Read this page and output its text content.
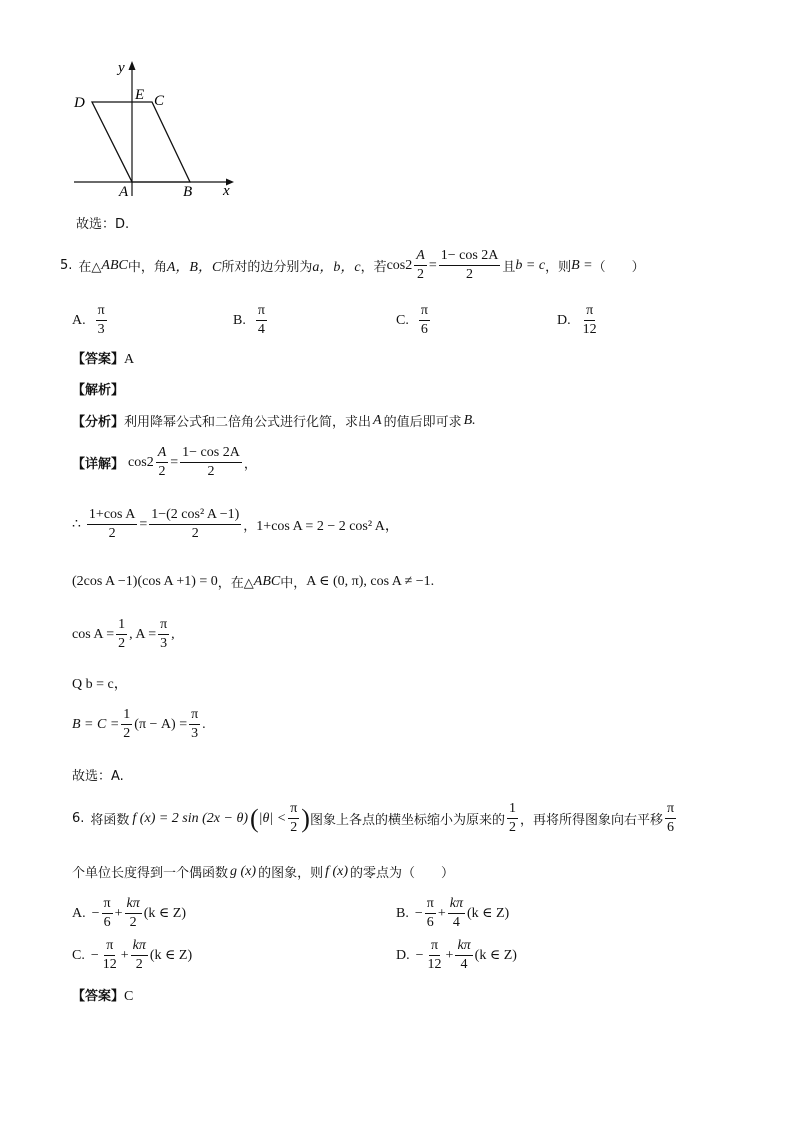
y
D	E C
A	B x
故选：D.
5. 在△ ABC 中，角 A，B，C 所对的边分别为 a，b，c ，若 $\cos 2 \frac{A}{2} = \frac{1- \cos 2A}{2}$ 且 b = c ，则 B = （　　）
A. $\frac{\pi}{3}$	B. $\frac{\pi}{4}$	C. $\frac{\pi}{6}$	D. $\frac{\pi}{12}$
【答案】A
【解析】
【分析】 利用降幂公式和二倍角公式进行化简，求出 A 的值后即可求 B.
【详解】 $\cos 2 \frac{A}{2} = \frac{1- \cos 2A}{2}$ ，
∴ $\frac{\text{1+cos A}}{2} = \frac{\text{1−(2 cos² A −1)}}{2}$ ， 1+cos A = 2 − 2 cos² A，
(2cos A −1)(cos A +1) = 0 ，在△ ABC 中， A ∈ (0, π), cos A ≠ −1.
$\cos A = \frac{1}{2}$ , $A = \frac{\pi}{3}$ ,
Q b = c，
$B = C = \frac{1}{2} (\pi - A) = \frac{\pi}{3}$ .
故选：A.
6. 将函数 f (x) = 2 sin (2x − θ) ( $|\theta| < \frac{\pi}{2}$ ) 图象上各点的横坐标缩小为原来的 $\frac{1}{2}$ ，再将所得图象向右平移 $\frac{\pi}{6}$
个单位长度得到一个偶函数 g (x) 的图象，则 f (x) 的零点为（　　）
A. − $\frac{\pi}{6} + \frac{k\pi}{2} (k$ ∈ Z)	B. − $\frac{\pi}{6} + \frac{k\pi}{4} (k$ ∈ Z)
C. − $\frac{\pi}{12} + \frac{k\pi}{2} (k$ ∈ Z)	D. − $\frac{\pi}{12} + \frac{k\pi}{4} (k$ ∈ Z)
【答案】C
